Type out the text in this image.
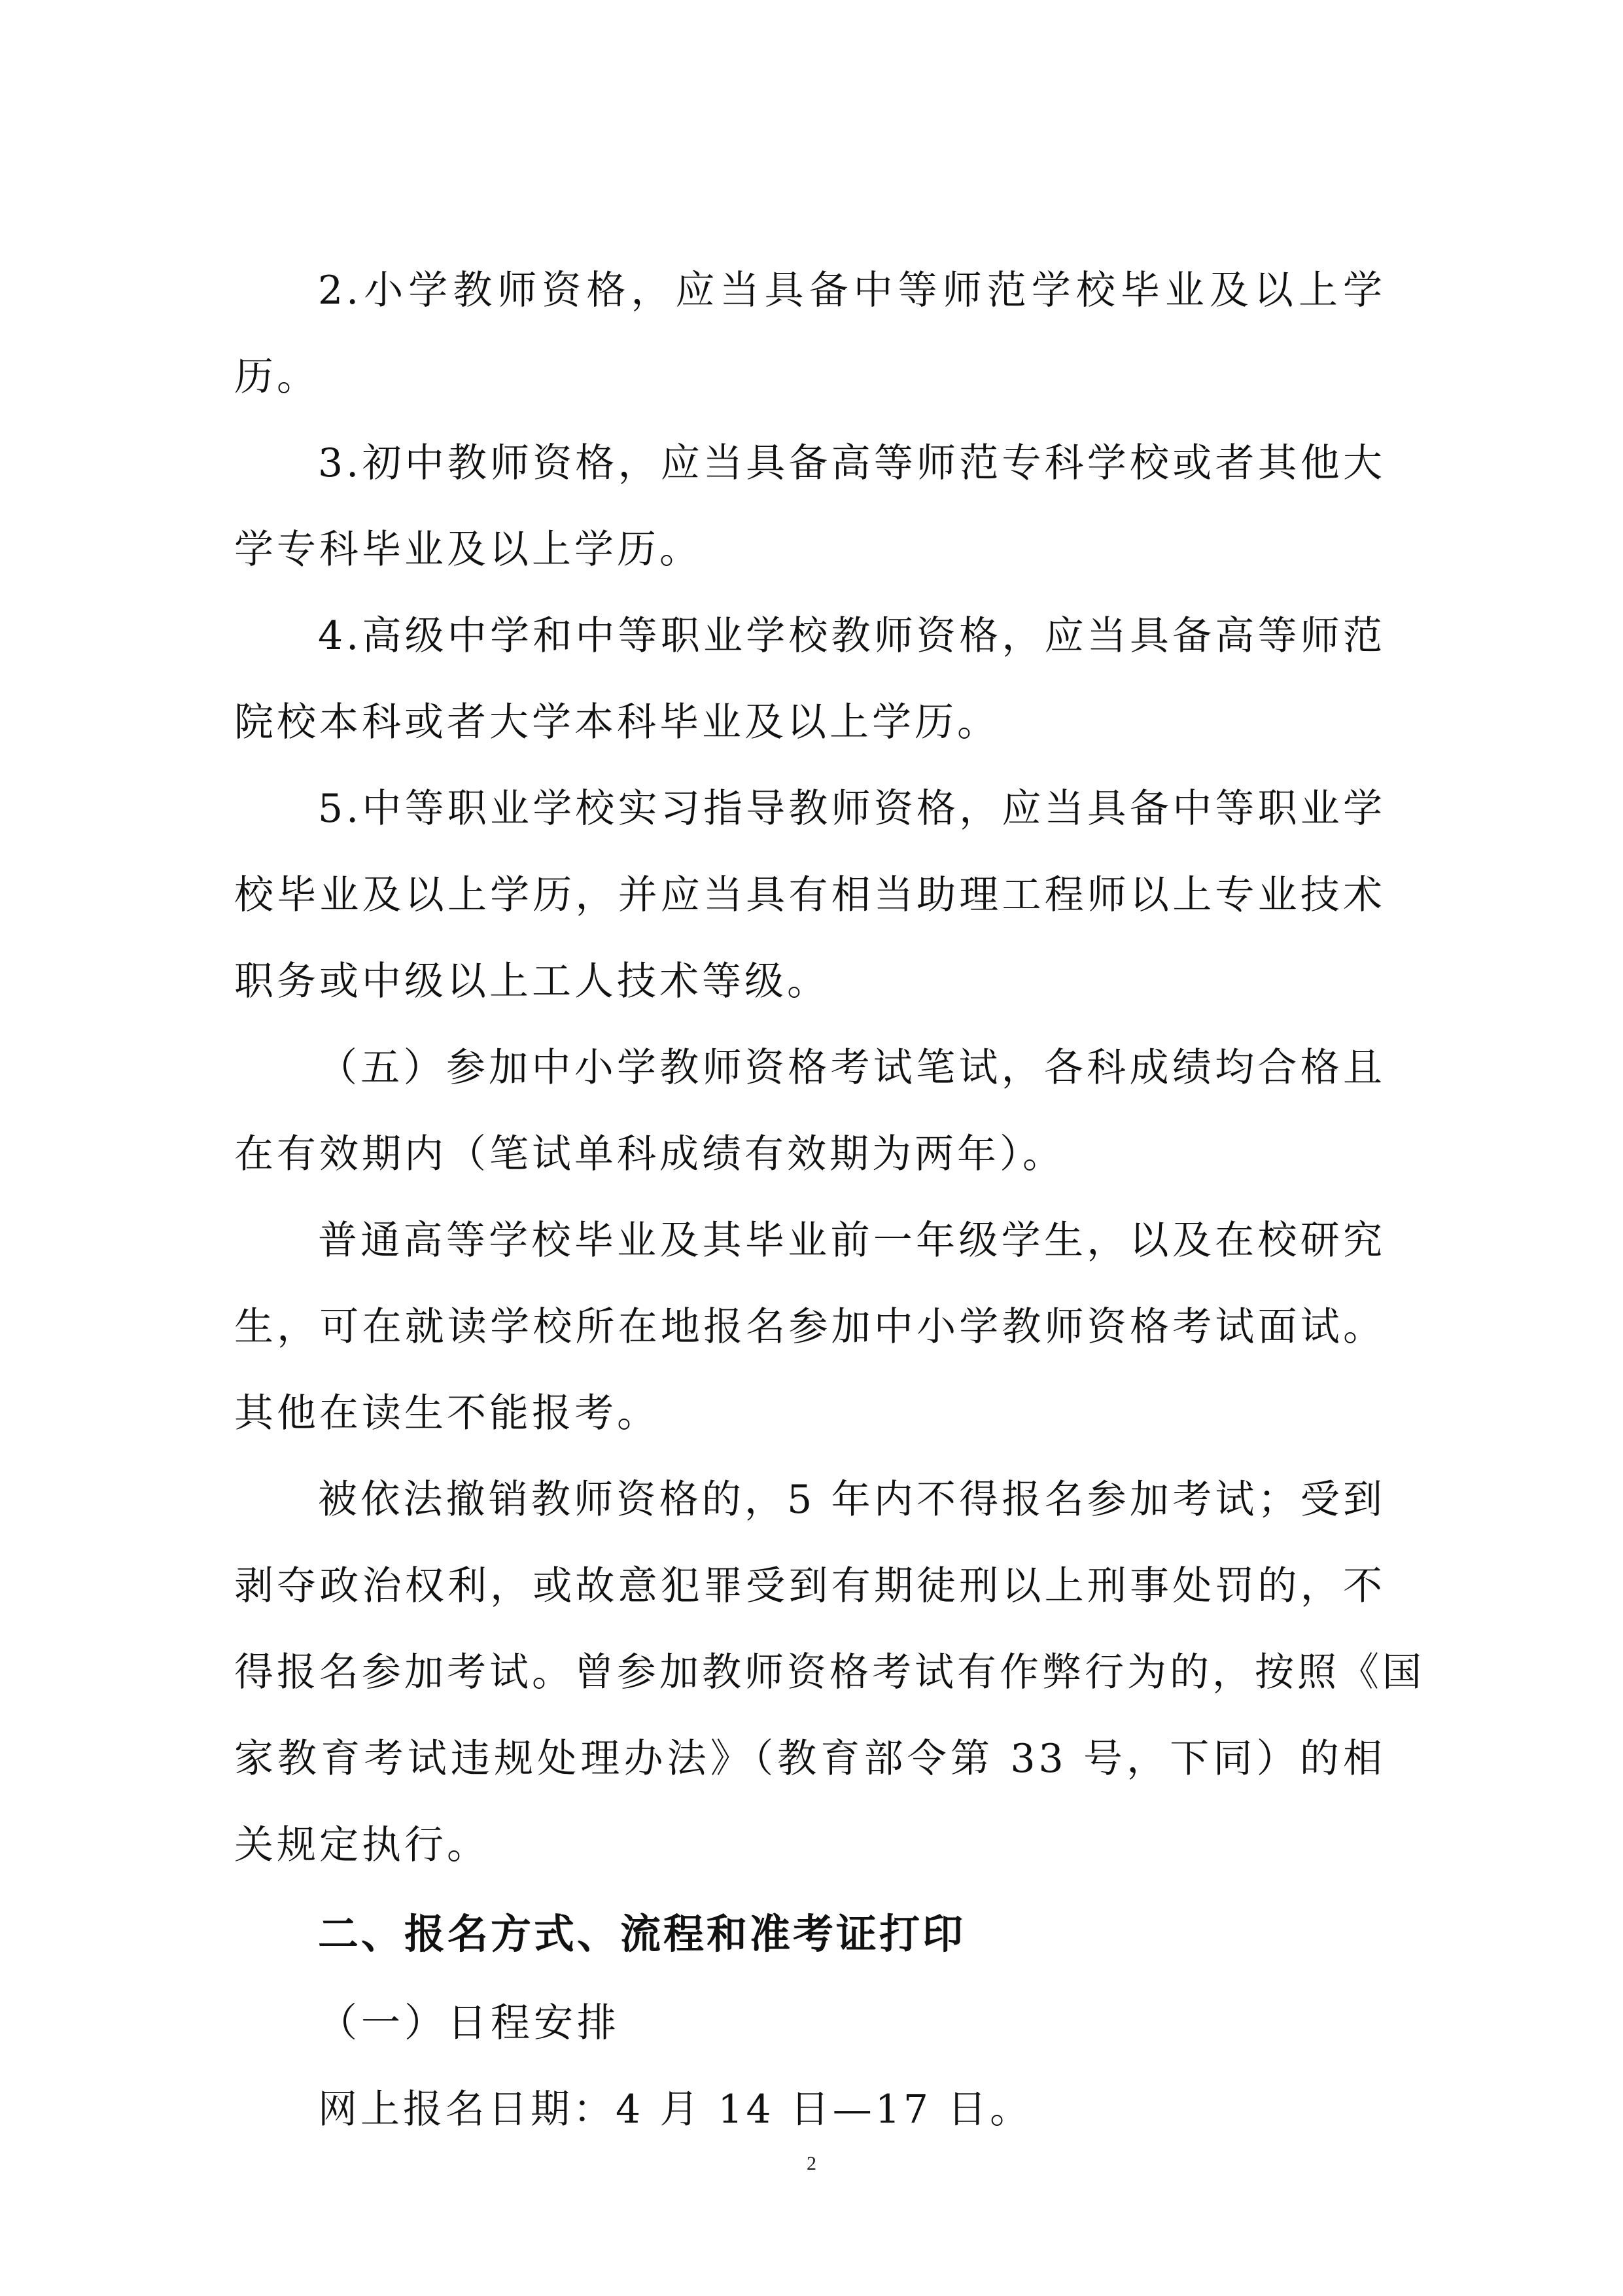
2.小学教师资格，应当具备中等师范学校毕业及以上学
历。
3.初中教师资格，应当具备高等师范专科学校或者其他大
学专科毕业及以上学历。
4.高级中学和中等职业学校教师资格，应当具备高等师范
院校本科或者大学本科毕业及以上学历。
5.中等职业学校实习指导教师资格，应当具备中等职业学
校毕业及以上学历，并应当具有相当助理工程师以上专业技术
职务或中级以上工人技术等级。
（五）参加中小学教师资格考试笔试，各科成绩均合格且
在有效期内（笔试单科成绩有效期为两年）。
普通高等学校毕业及其毕业前一年级学生，以及在校研究
生，可在就读学校所在地报名参加中小学教师资格考试面试。
其他在读生不能报考。
被依法撤销教师资格的，5 年内不得报名参加考试；受到
剥夺政治权利，或故意犯罪受到有期徒刑以上刑事处罚的，不
得报名参加考试。曾参加教师资格考试有作弊行为的，按照《国
家教育考试违规处理办法》（教育部令第 33 号，下同）的相
关规定执行。
二、报名方式、流程和准考证打印
（一）日程安排
网上报名日期：4 月 14 日—17 日。
2
